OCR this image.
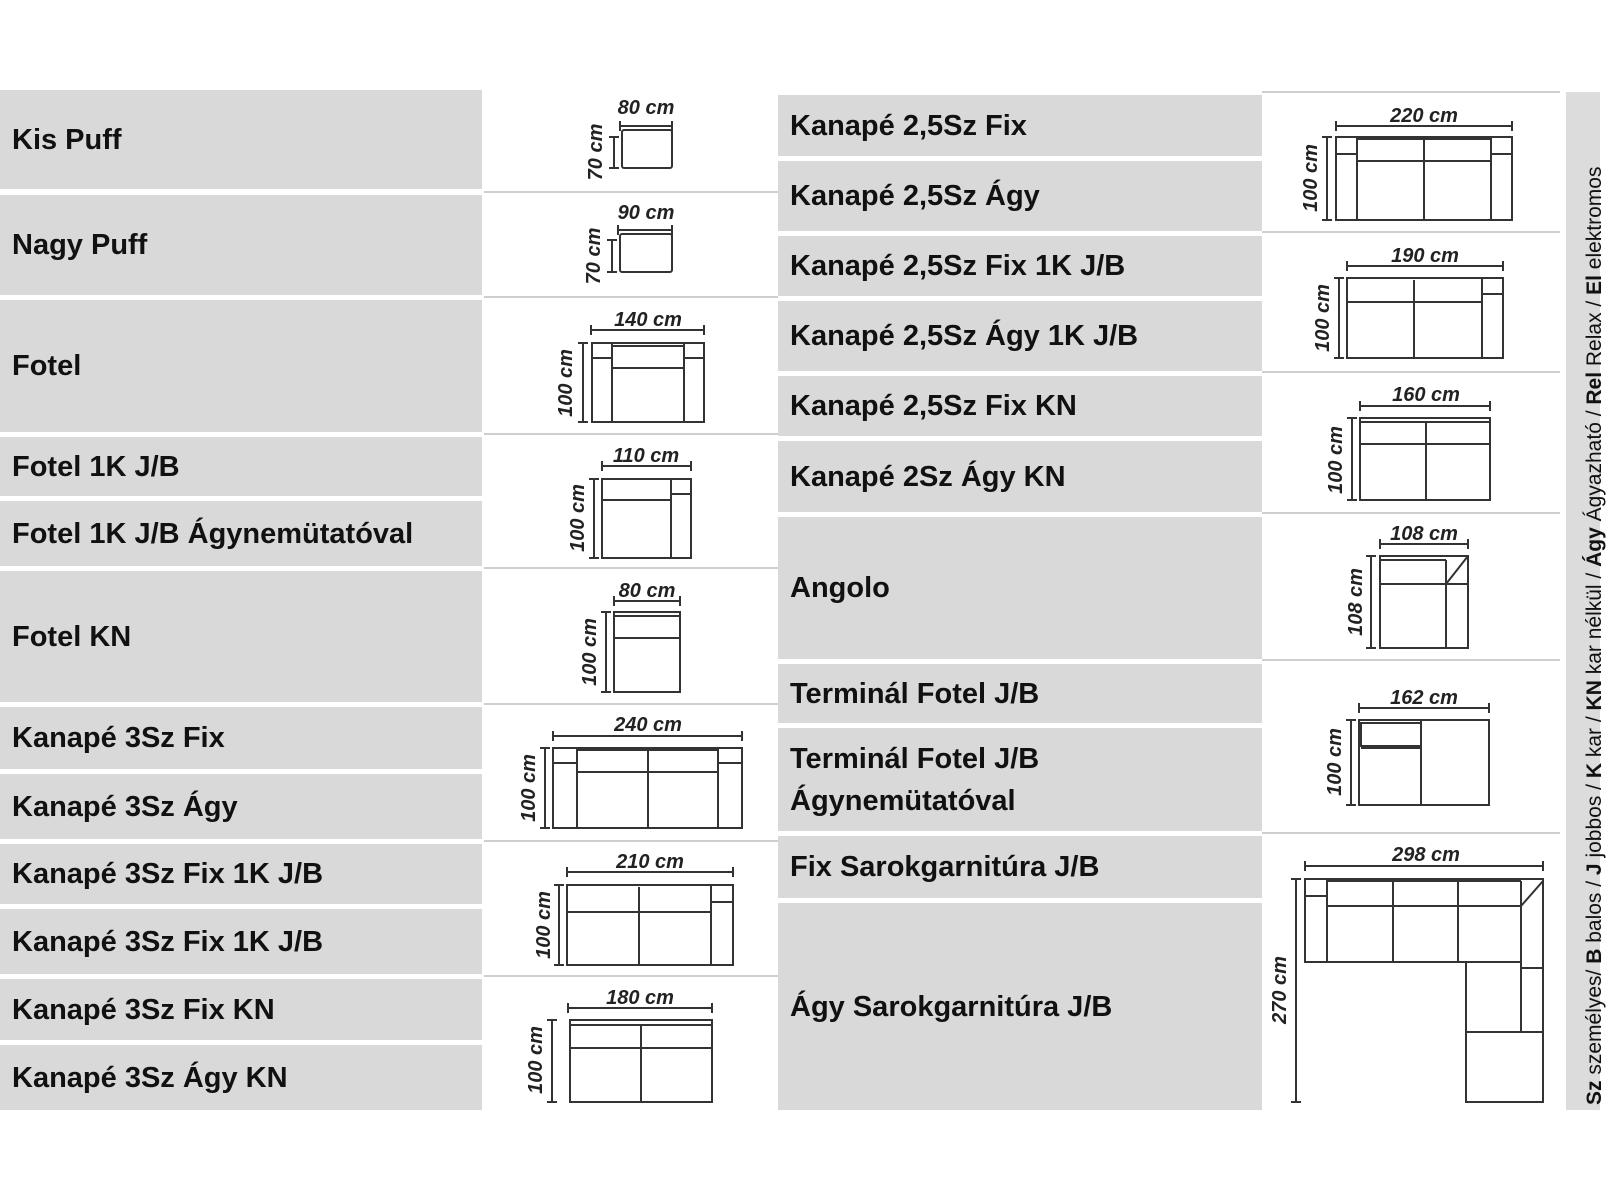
Kis Puff
Nagy Puff
Fotel
Fotel 1K J/B
Fotel 1K J/B Ágynemütatóval
Fotel KN
Kanapé 3Sz Fix
Kanapé 3Sz Ágy
Kanapé 3Sz Fix 1K J/B
Kanapé 3Sz Fix 1K J/B
Kanapé 3Sz Fix KN
Kanapé 3Sz Ágy KN
Kanapé 2,5Sz Fix
Kanapé 2,5Sz Ágy
Kanapé 2,5Sz Fix 1K J/B
Kanapé 2,5Sz Ágy 1K J/B
Kanapé 2,5Sz Fix KN
Kanapé 2Sz Ágy KN
Angolo
Terminál Fotel J/B
Terminál Fotel J/B
Ágynemütatóval
Fix Sarokgarnitúra J/B
Ágy Sarokgarnitúra J/B
80 cm
70 cm
90 cm
70 cm
140 cm
100 cm
110 cm
100 cm
80 cm
100 cm
240 cm
100 cm
210 cm
100 cm
180 cm
100 cm
220 cm
100 cm
190 cm
100 cm
160 cm
100 cm
108 cm
108 cm
162 cm
100 cm
298 cm
270 cm
Sz személyes/ B balos / J jobbos / K kar / KN kar nélkül / Ágy Ágyazható / Rel Relax / El elektromos
